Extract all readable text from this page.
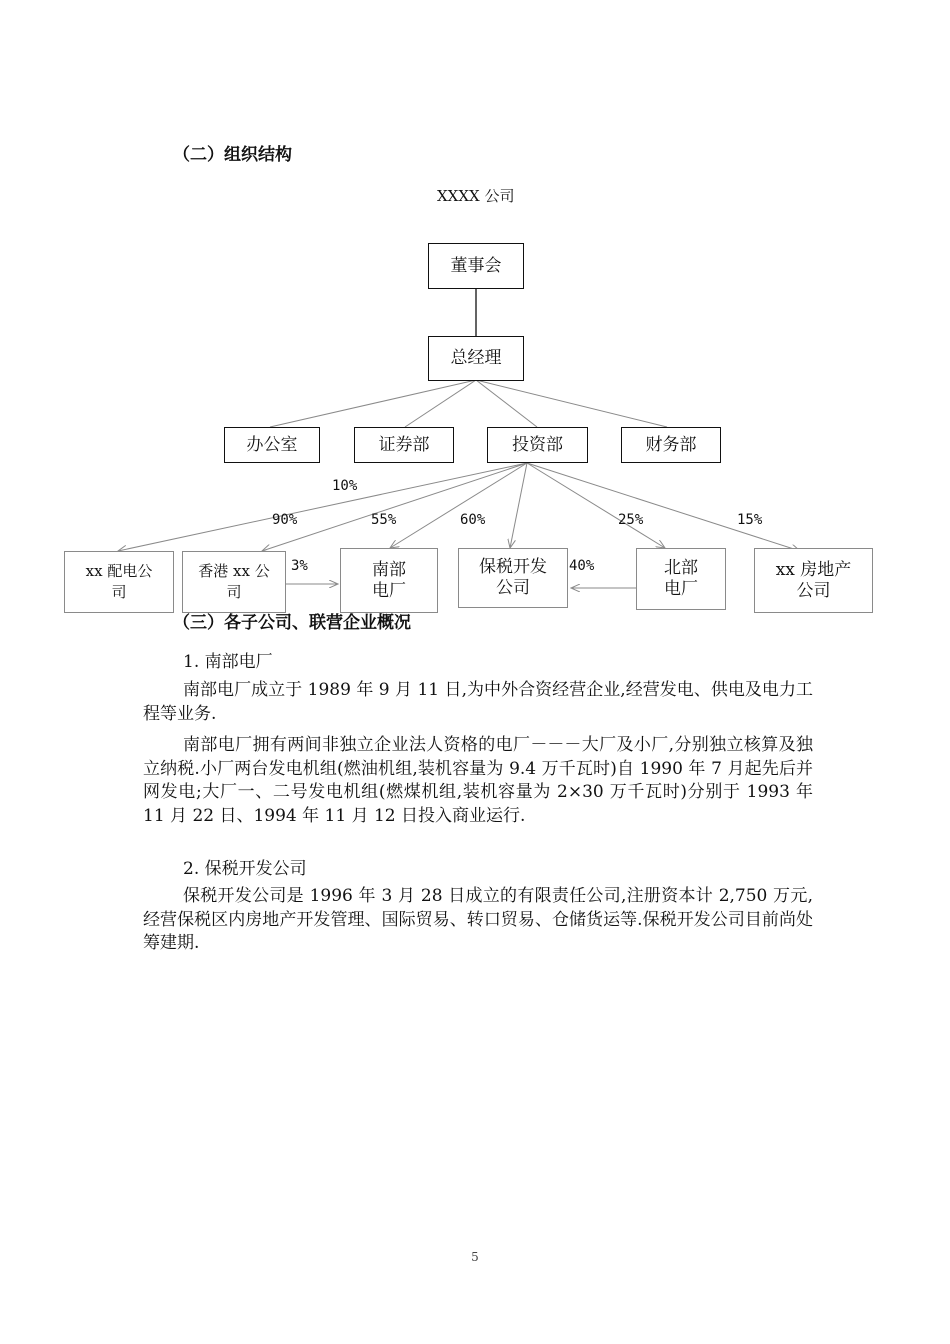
（二）组织结构
XXXX 公司
董事会
总经理
办公室	证券部	投资部	财务部
xx 配电公
司
香港 xx 公
司
南部
电厂
保税开发
公司
北部
电厂
xx 房地产
公司
10%
90%	55%	60%	25%	15%
3%	40%
（三）各子公司、联营企业概况
1. 南部电厂

南部电厂成立于 1989 年 9 月 11 日,为中外合资经营企业,经营发电、供电及电力工程等业务.

南部电厂拥有两间非独立企业法人资格的电厂－－－大厂及小厂,分别独立核算及独立纳税.小厂两台发电机组(燃油机组,装机容量为 9.4 万千瓦时)自 1990 年 7 月起先后并网发电;大厂一、二号发电机组(燃煤机组,装机容量为 2×30 万千瓦时)分别于 1993 年 11 月 22 日、1994 年 11 月 12 日投入商业运行.

2. 保税开发公司

保税开发公司是 1996 年 3 月 28 日成立的有限责任公司,注册资本计 2,750 万元,经营保税区内房地产开发管理、国际贸易、转口贸易、仓储货运等.保税开发公司目前尚处筹建期.

5
